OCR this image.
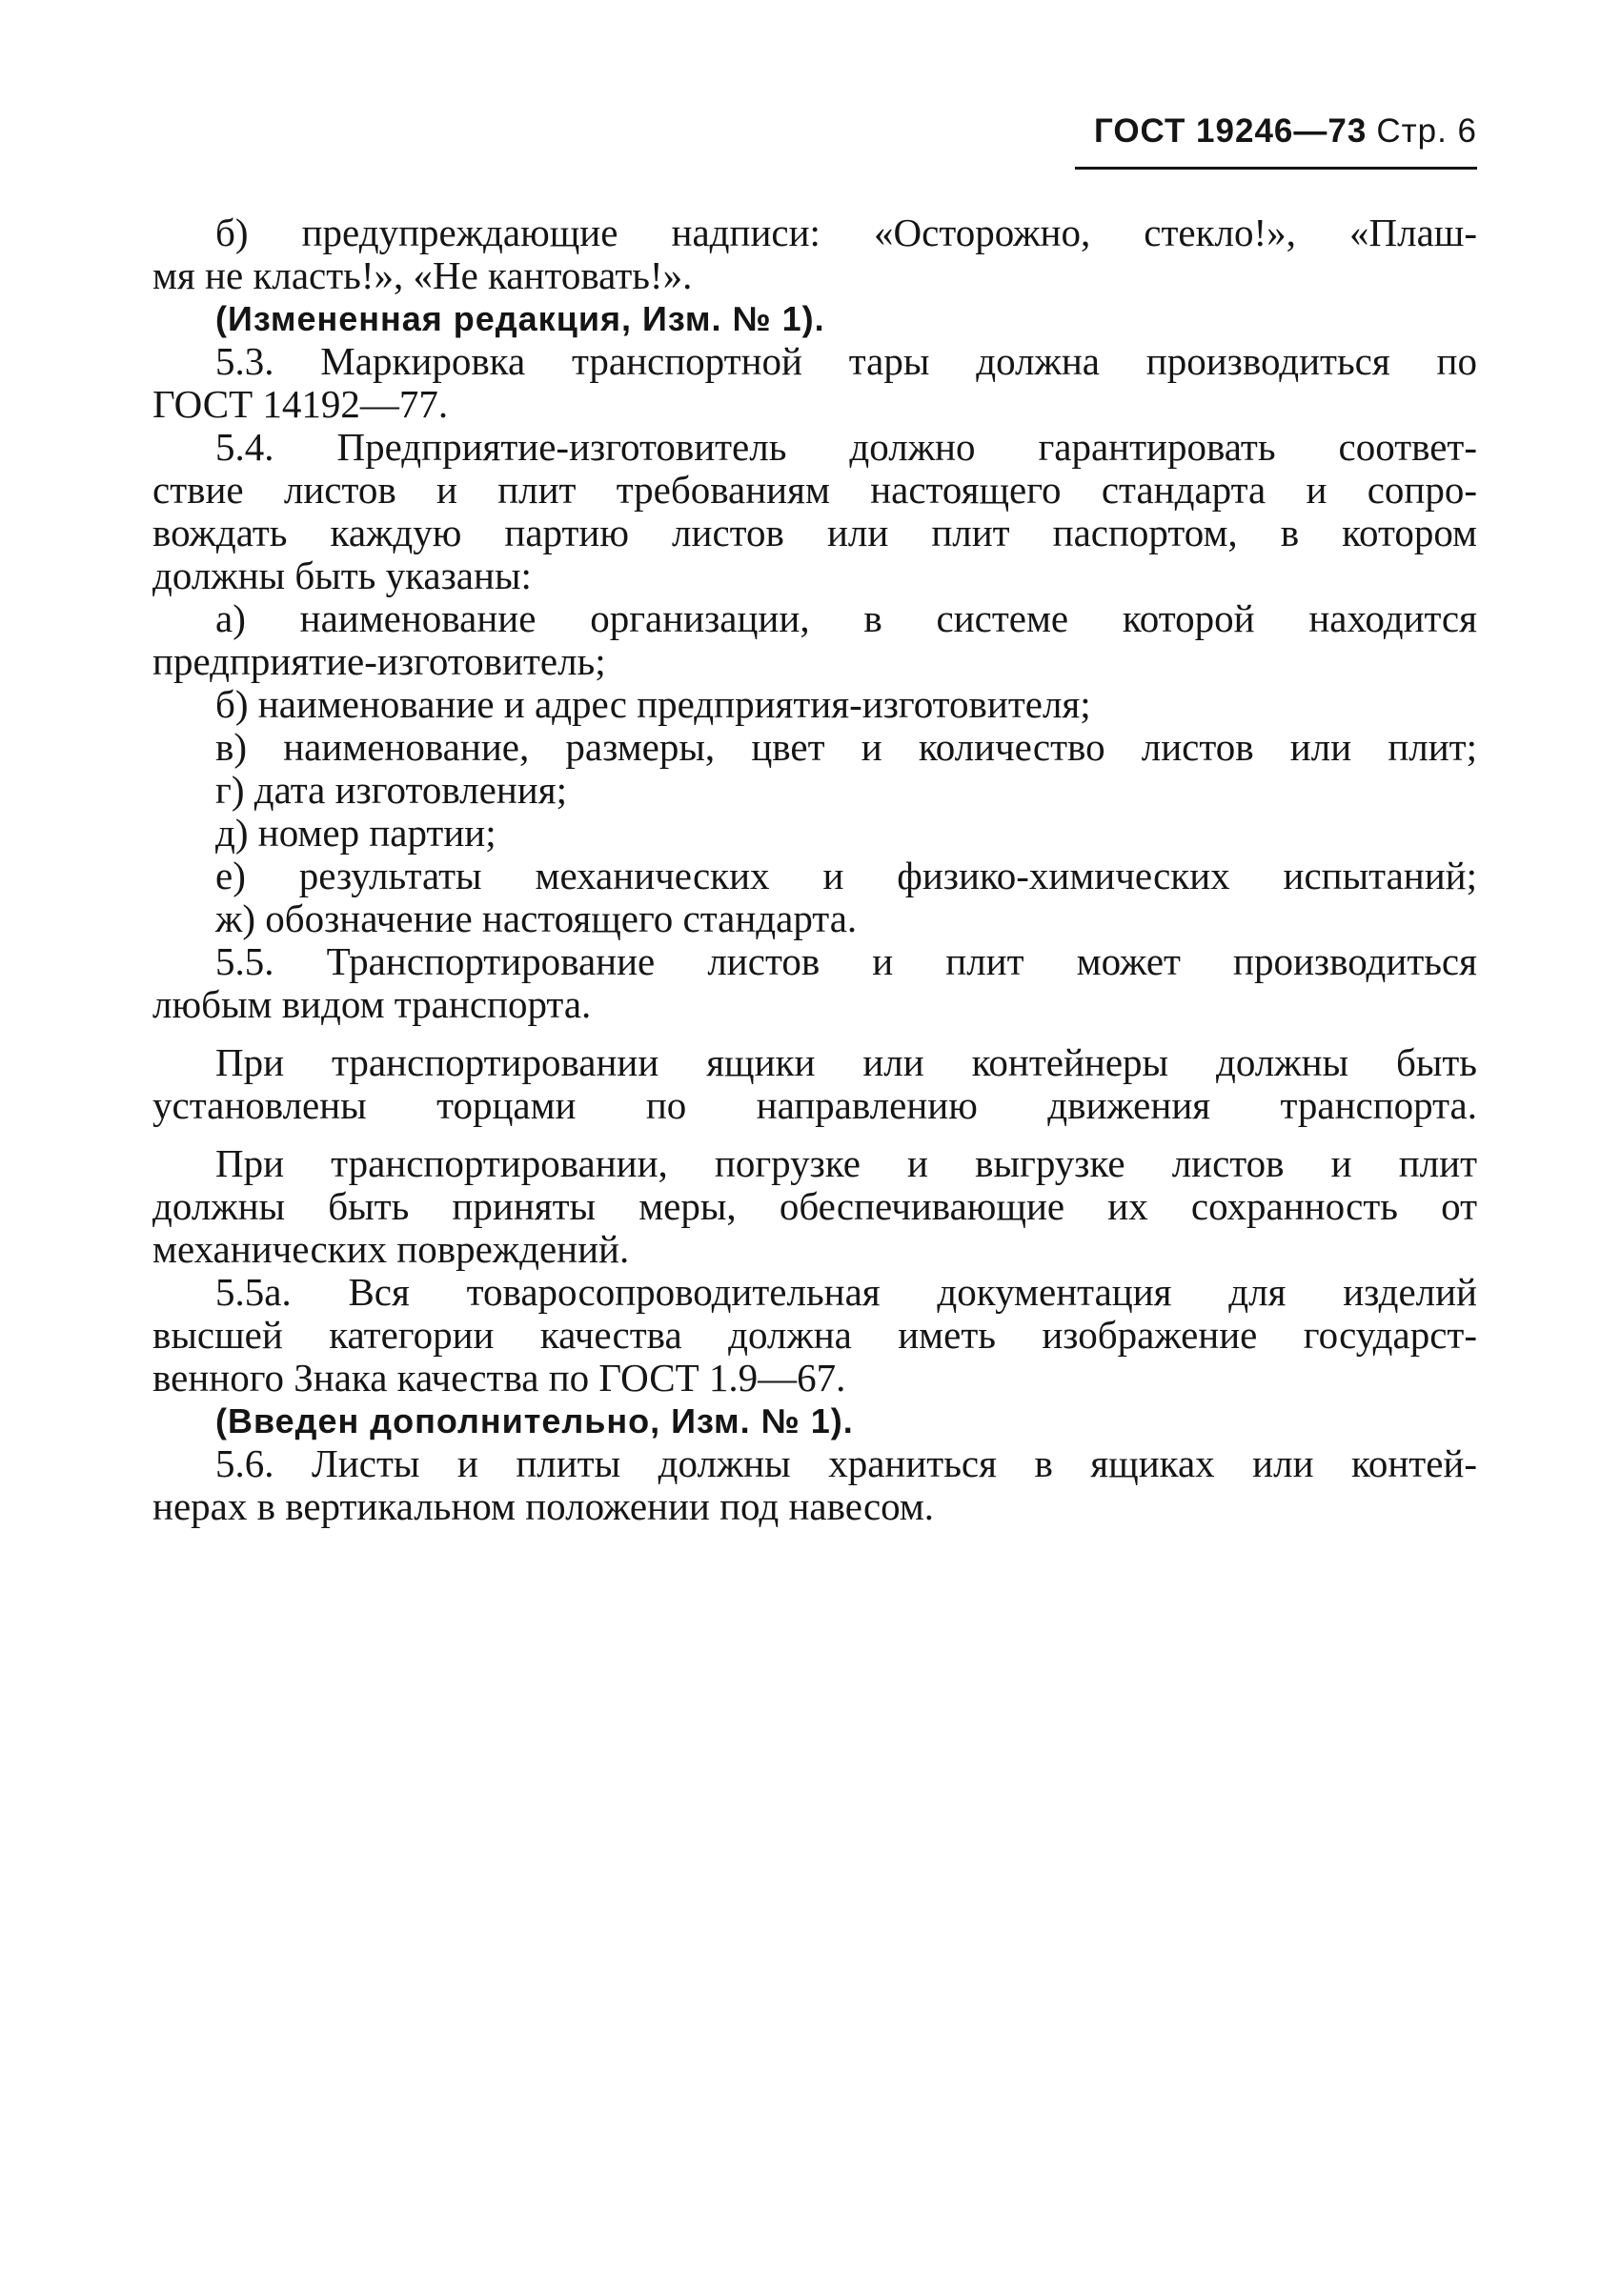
ГОСТ 19246—73 Стр. 6
б) предупреждающие надписи: «Осторожно, стекло!», «Плаш-
мя не класть!», «Не кантовать!».
(Измененная редакция, Изм. № 1).
5.3. Маркировка транспортной тары должна производиться по
ГОСТ 14192—77.
5.4. Предприятие-изготовитель должно гарантировать соответ-
ствие листов и плит требованиям настоящего стандарта и сопро-
вождать каждую партию листов или плит паспортом, в котором
должны быть указаны:
а) наименование организации, в системе которой находится
предприятие-изготовитель;
б) наименование и адрес предприятия-изготовителя;
в) наименование, размеры, цвет и количество листов или плит;
г) дата изготовления;
д) номер партии;
е) результаты механических и физико-химических испытаний;
ж) обозначение настоящего стандарта.
5.5. Транспортирование листов и плит может производиться
любым видом транспорта.
При транспортировании ящики или контейнеры должны быть
установлены торцами по направлению движения транспорта.
При транспортировании, погрузке и выгрузке листов и плит
должны быть приняты меры, обеспечивающие их сохранность от
механических повреждений.
5.5а. Вся товаросопроводительная документация для изделий
высшей категории качества должна иметь изображение государст-
венного Знака качества по ГОСТ 1.9—67.
(Введен дополнительно, Изм. № 1).
5.6. Листы и плиты должны храниться в ящиках или контей-
нерах в вертикальном положении под навесом.
